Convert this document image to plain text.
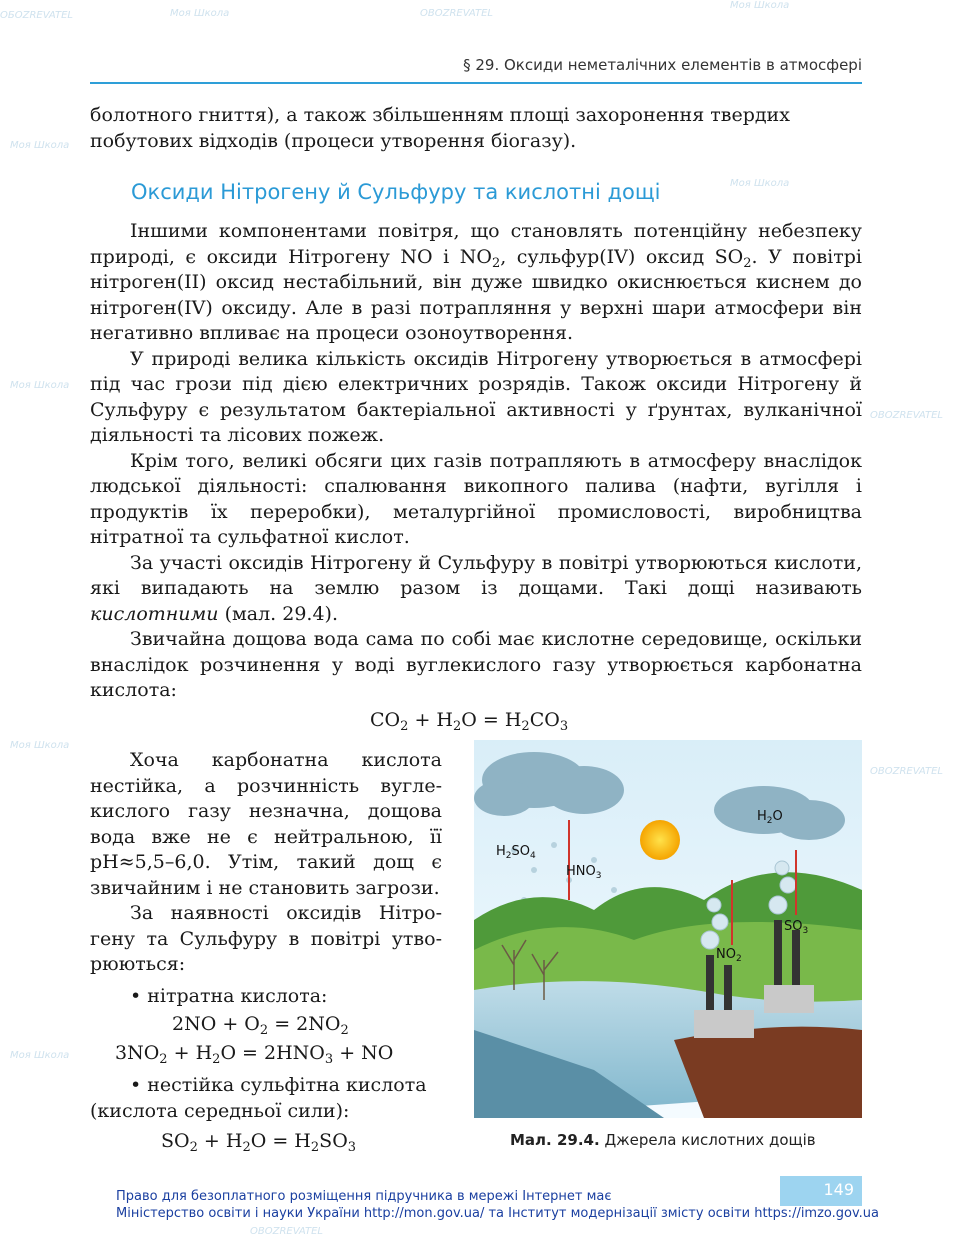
ОБОZREVATEL	Моя Школа	OBOZREVATEL
Моя Школа
Моя Школа
Моя Школа
Моя Школа
OBOZREVATEL
Моя Школа
OBOZREVATEL
Моя Школа
OBOZREVATEL
§ 29. Оксиди неметалічних елементів в атмосфері

болотного гниття), а також збільшенням площі захоронення твердих

побутових відходів (процеси утворення біогазу).

Оксиди Нітрогену й Сульфуру та кислотні дощі

Іншими компонентами повітря, що становлять потенційну небезпеку природі, є оксиди Нітрогену NO і $NO_2$, сульфур(IV) оксид $SO_2$. У повітрі нітроген(II) оксид нестабільний, він дуже швидко окиснюється киснем до нітроген(IV) оксиду. Але в разі потрапляння у верхні шари атмосфери він негативно впливає на процеси озоноутворення.

У природі велика кількість оксидів Нітрогену утворюється в атмосфері під час грози під дією електричних розрядів. Також оксиди Нітрогену й Сульфуру є результатом бактеріальної активності у ґрунтах, вулканічної діяльності та лісових пожеж.

Крім того, великі обсяги цих газів потрапляють в атмосферу внаслідок людської діяльності: спалювання викопного палива (нафти, вугілля і продуктів їх переробки), металургійної промисловості, виробництва нітратної та сульфатної кислот.

За участі оксидів Нітрогену й Сульфуру в повітрі утворюються кислоти, які випадають на землю разом із дощами. Такі дощі називають кислотними (мал. 29.4).

Звичайна дощова вода сама по собі має кислотне середовище, оскільки внаслідок розчинення у воді вуглекислого газу утворюється карбонатна кислота:

$CO_2 + H_2O = H_2CO_3$

Хоча карбонатна кислота нестійка, а розчинність вуглекислого газу незначна, дощова вода вже не є нейтральною, її pH≈5,5–6,0. Утім, такий дощ є звичайним і не становить загрози.

За наявності оксидів Нітрогену та Сульфуру в повітрі утворюються:

• нітратна кислота:

$2NO + O_2 = 2NO_2$
$3NO_2 + H_2O = 2HNO_3$ + NO

• нестійка сульфітна кислота

(кислота середньої сили):

$SO_2 + H_2O = H_2SO_3$
$H_2SO_4$
$HNO_3$
$H_2O$
$SO_3$
$NO_2$
Мал. 29.4. Джерела кислотних дощів
149
Право для безоплатного розміщення підручника в мережі Інтернет має
Міністерство освіти і науки України http://mon.gov.ua/ та Інститут модернізації змісту освіти https://imzo.gov.ua
